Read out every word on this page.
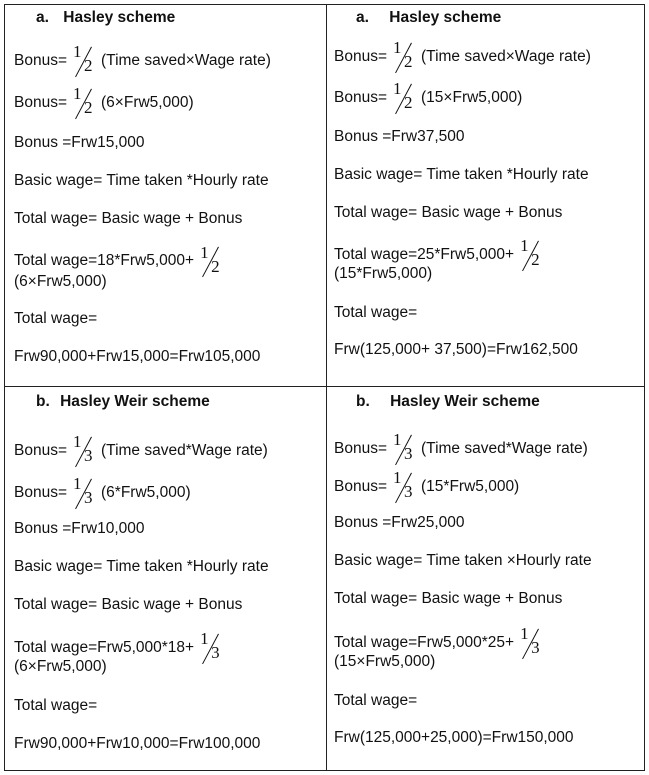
a. Hasley scheme
Bonus= 1
2 (Time saved×Wage rate)
Bonus= 1
2 (6×Frw5,000)
Bonus =Frw15,000
Basic wage= Time taken *Hourly rate
Total wage= Basic wage + Bonus
Total wage=18*Frw5,000+ 1
2
(6×Frw5,000)
Total wage=
Frw90,000+Frw15,000=Frw105,000
a. Hasley scheme
Bonus= 1
2 (Time saved×Wage rate)
Bonus= 1
2 (15×Frw5,000)
Bonus =Frw37,500
Basic wage= Time taken *Hourly rate
Total wage= Basic wage + Bonus
Total wage=25*Frw5,000+ 1
2
(15*Frw5,000)
Total wage=
Frw(125,000+ 37,500)=Frw162,500
b. Hasley Weir scheme
Bonus= 1
3 (Time saved*Wage rate)
Bonus= 1
3 (6*Frw5,000)
Bonus =Frw10,000
Basic wage= Time taken *Hourly rate
Total wage= Basic wage + Bonus
Total wage=Frw5,000*18+ 1
3
(6×Frw5,000)
Total wage=
Frw90,000+Frw10,000=Frw100,000
b. Hasley Weir scheme
Bonus= 1
3 (Time saved*Wage rate)
Bonus= 1
3 (15*Frw5,000)
Bonus =Frw25,000
Basic wage= Time taken ×Hourly rate
Total wage= Basic wage + Bonus
Total wage=Frw5,000*25+ 1
3
(15×Frw5,000)
Total wage=
Frw(125,000+25,000)=Frw150,000
